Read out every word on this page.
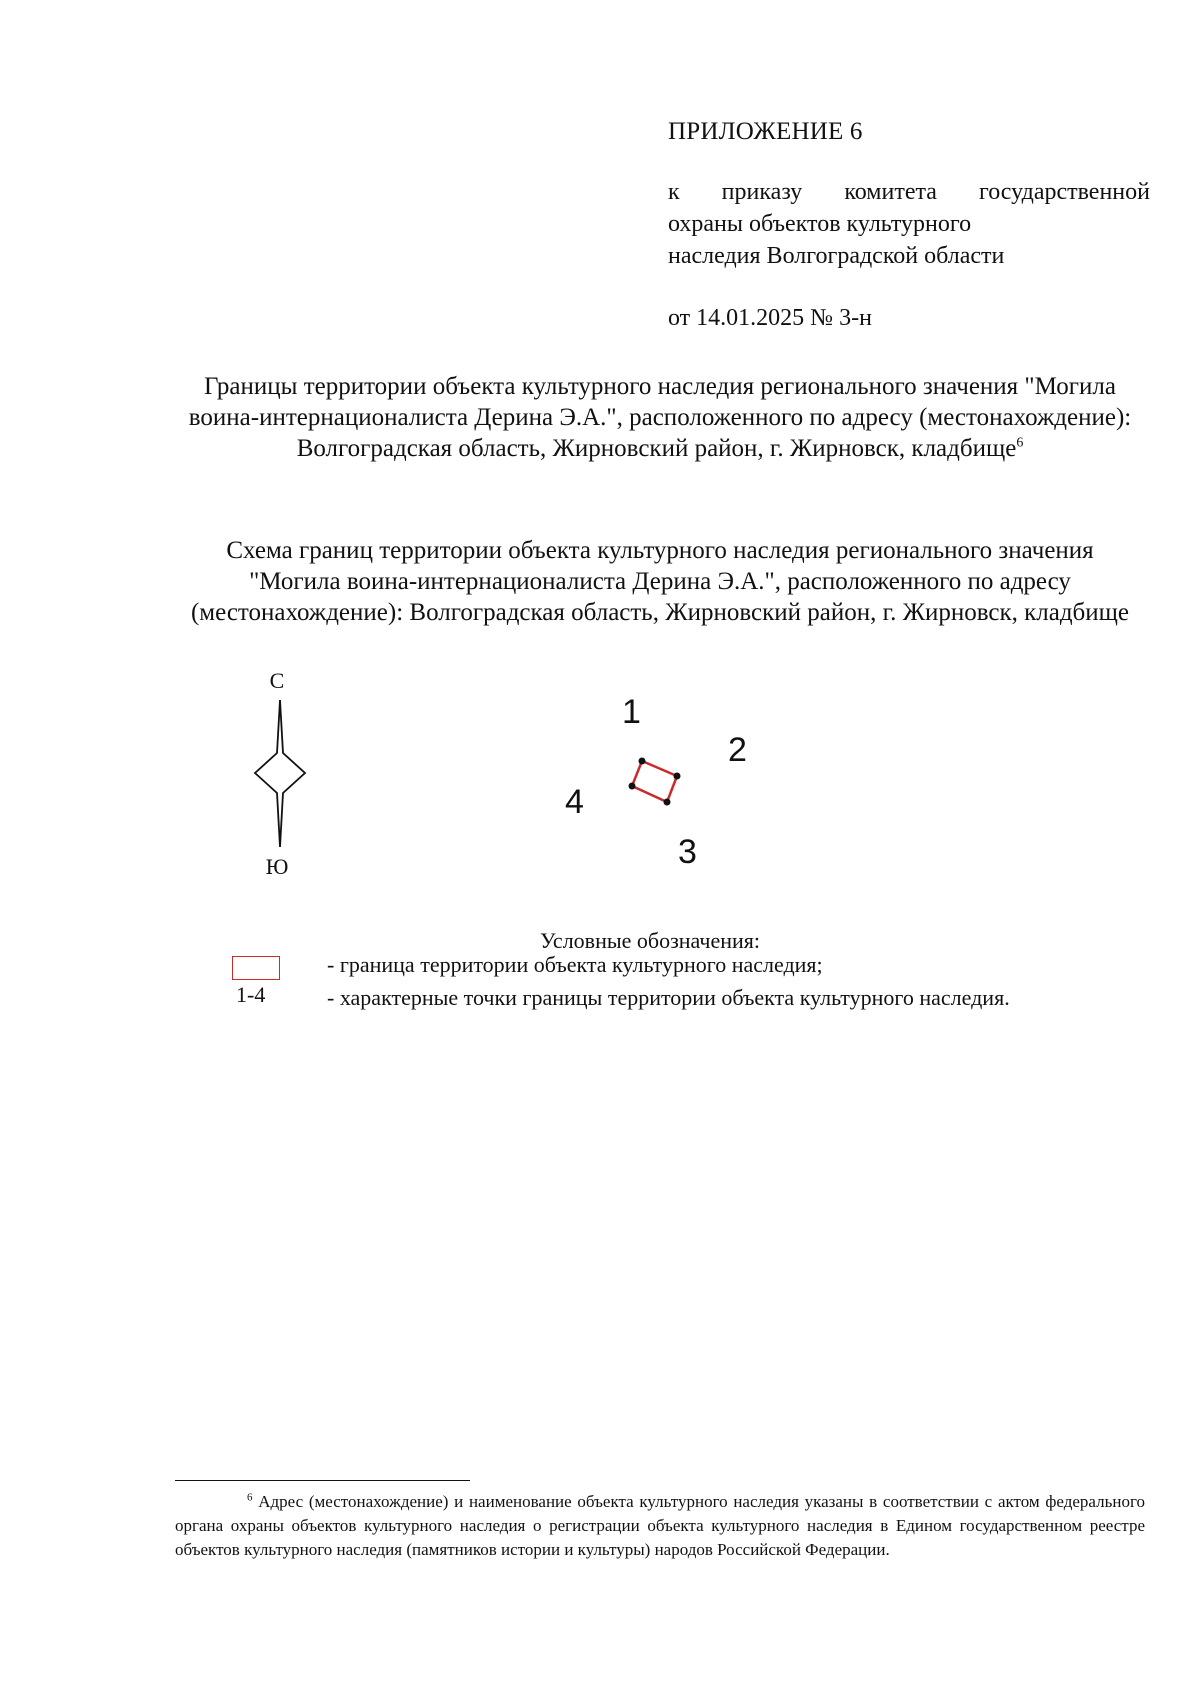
ПРИЛОЖЕНИЕ 6
к приказу комитета государственной
охраны объектов культурного
наследия Волгоградской области
от 14.01.2025 № 3-н
Границы территории объекта культурного наследия регионального значения "Могила воина-интернационалиста Дерина Э.А.", расположенного по адресу (местонахождение): Волгоградская область, Жирновский район, г. Жирновск, кладбище$^6$
Схема границ территории объекта культурного наследия регионального значения "Могила воина-интернационалиста Дерина Э.А.", расположенного по адресу (местонахождение): Волгоградская область, Жирновский район, г. Жирновск, кладбище
С
Ю
1
2
3
4
Условные обозначения:
- граница территории объекта культурного наследия;
1-4	- характерные точки границы территории объекта культурного наследия.
$^6$ Адрес (местонахождение) и наименование объекта культурного наследия указаны в соответствии с актом федерального органа охраны объектов культурного наследия о регистрации объекта культурного наследия в Едином государственном реестре объектов культурного наследия (памятников истории и культуры) народов Российской Федерации.
